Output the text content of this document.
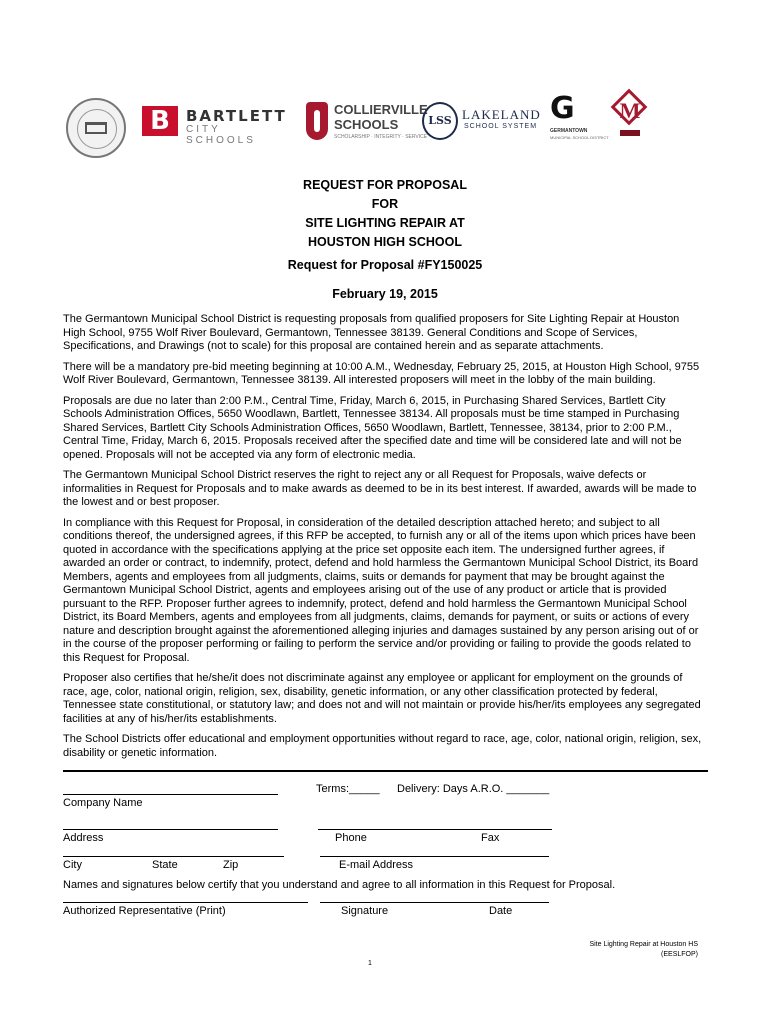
B	BARTLETT
CITY SCHOOLS
COLLIERVILLE
SCHOOLS
SCHOLARSHIP · INTEGRITY · SERVICE
LSS LAKELAND
SCHOOL SYSTEM
G
GERMANTOWN
MUNICIPAL SCHOOL DISTRICT
M
REQUEST FOR PROPOSAL
FOR
SITE LIGHTING REPAIR AT
HOUSTON HIGH SCHOOL
Request for Proposal #FY150025
February 19, 2015

The Germantown Municipal School District is requesting proposals from qualified proposers for Site Lighting Repair at Houston High School, 9755 Wolf River Boulevard, Germantown, Tennessee 38139. General Conditions and Scope of Services, Specifications, and Drawings (not to scale) for this proposal are contained herein and as separate attachments.

There will be a mandatory pre-bid meeting beginning at 10:00 A.M., Wednesday, February 25, 2015, at Houston High School, 9755 Wolf River Boulevard, Germantown, Tennessee 38139. All interested proposers will meet in the lobby of the main building.

Proposals are due no later than 2:00 P.M., Central Time, Friday, March 6, 2015, in Purchasing Shared Services, Bartlett City Schools Administration Offices, 5650 Woodlawn, Bartlett, Tennessee 38134. All proposals must be time stamped in Purchasing Shared Services, Bartlett City Schools Administration Offices, 5650 Woodlawn, Bartlett, Tennessee, 38134, prior to 2:00 P.M., Central Time, Friday, March 6, 2015. Proposals received after the specified date and time will be considered late and will not be opened. Proposals will not be accepted via any form of electronic media.

The Germantown Municipal School District reserves the right to reject any or all Request for Proposals, waive defects or informalities in Request for Proposals and to make awards as deemed to be in its best interest. If awarded, awards will be made to the lowest and or best proposer.

In compliance with this Request for Proposal, in consideration of the detailed description attached hereto; and subject to all conditions thereof, the undersigned agrees, if this RFP be accepted, to furnish any or all of the items upon which prices have been quoted in accordance with the specifications applying at the price set opposite each item. The undersigned further agrees, if awarded an order or contract, to indemnify, protect, defend and hold harmless the Germantown Municipal School District, its Board Members, agents and employees from all judgments, claims, suits or demands for payment that may be brought against the Germantown Municipal School District, agents and employees arising out of the use of any product or article that is provided pursuant to the RFP. Proposer further agrees to indemnify, protect, defend and hold harmless the Germantown Municipal School District, its Board Members, agents and employees from all judgments, claims, demands for payment, or suits or actions of every nature and description brought against the aforementioned alleging injuries and damages sustained by any person arising out of or in the course of the proposer performing or failing to perform the service and/or providing or failing to provide the goods related to this Request for Proposal.

Proposer also certifies that he/she/it does not discriminate against any employee or applicant for employment on the grounds of race, age, color, national origin, religion, sex, disability, genetic information, or any other classification protected by federal, Tennessee state constitutional, or statutory law; and does not and will not maintain or provide his/her/its employees any segregated facilities at any of his/her/its establishments.

The School Districts offer educational and employment opportunities without regard to race, age, color, national origin, religion, sex, disability or genetic information.

Terms:_____ Delivery: Days A.R.O. _______
Company Name
Address	Phone	Fax
City	State	Zip	E-mail Address
Names and signatures below certify that you understand and agree to all information in this Request for Proposal.
Authorized Representative (Print)	Signature	Date
Site Lighting Repair at Houston HS
(EESLFOP)
1
